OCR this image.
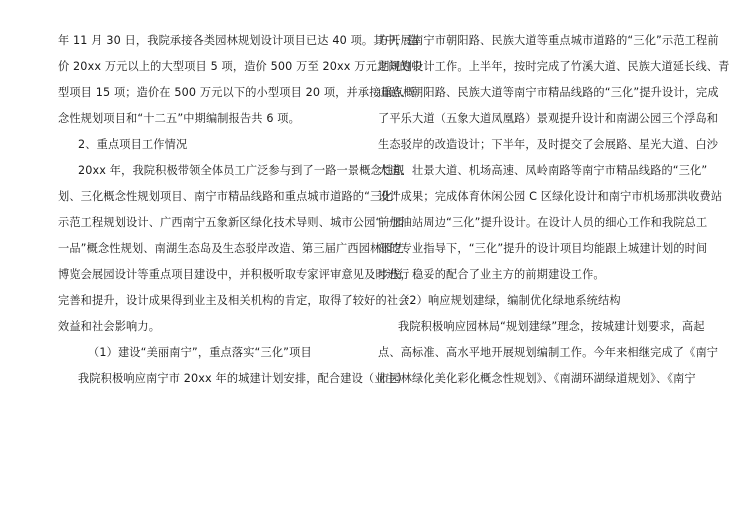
年 11 月 30 日，我院承接各类园林规划设计项目已达 40 项。其中，造
价 20xx 万元以上的大型项目 5 项，造价 500 万至 20xx 万元之间的中
型项目 15 项；造价在 500 万元以下的小型项目 20 项，并承接重点概
念性规划项目和“十二五”中期编制报告共 6 项。
2、重点项目工作情况
20xx 年，我院积极带领全体员工广泛参与到了一路一景概念性规
划、三化概念性规划项目、南宁市精品线路和重点城市道路的“三化”
示范工程规划设计、广西南宁五象新区绿化技术导则、城市公园“一园
一品”概念性规划、南湖生态岛及生态驳岸改造、第三届广西园林园艺
博览会展园设计等重点项目建设中，并积极听取专家评审意见及时进行
完善和提升，设计成果得到业主及相关机构的肯定，取得了较好的社会
效益和社会影响力。
（1）建设“美丽南宁”，重点落实“三化”项目
我院积极响应南宁市 20xx 年的城建计划安排，配合建设（业主）
方开展南宁市朝阳路、民族大道等重点城市道路的“三化”示范工程前
期规划设计工作。上半年，按时完成了竹溪大道、民族大道延长线、青
山路、朝阳路、民族大道等南宁市精品线路的“三化”提升设计，完成
了平乐大道（五象大道凤凰路）景观提升设计和南湖公园三个浮岛和
生态驳岸的改造设计；下半年，及时提交了会展路、星光大道、白沙
大道、壮景大道、机场高速、凤岭南路等南宁市精品线路的“三化”
设计成果；完成体育休闲公园 C 区绿化设计和南宁市机场那洪收费站
前加油站周边“三化”提升设计。在设计人员的细心工作和我院总工
部的专业指导下，“三化”提升的设计项目均能跟上城建计划的时间
步伐，稳妥的配合了业主方的前期建设工作。
（2）响应规划建绿，编制优化绿地系统结构
我院积极响应园林局“规划建绿”理念，按城建计划要求，高起
点、高标准、高水平地开展规划编制工作。今年来相继完成了《南宁
市园林绿化美化彩化概念性规划》、《南湖环湖绿道规划》、《南宁
